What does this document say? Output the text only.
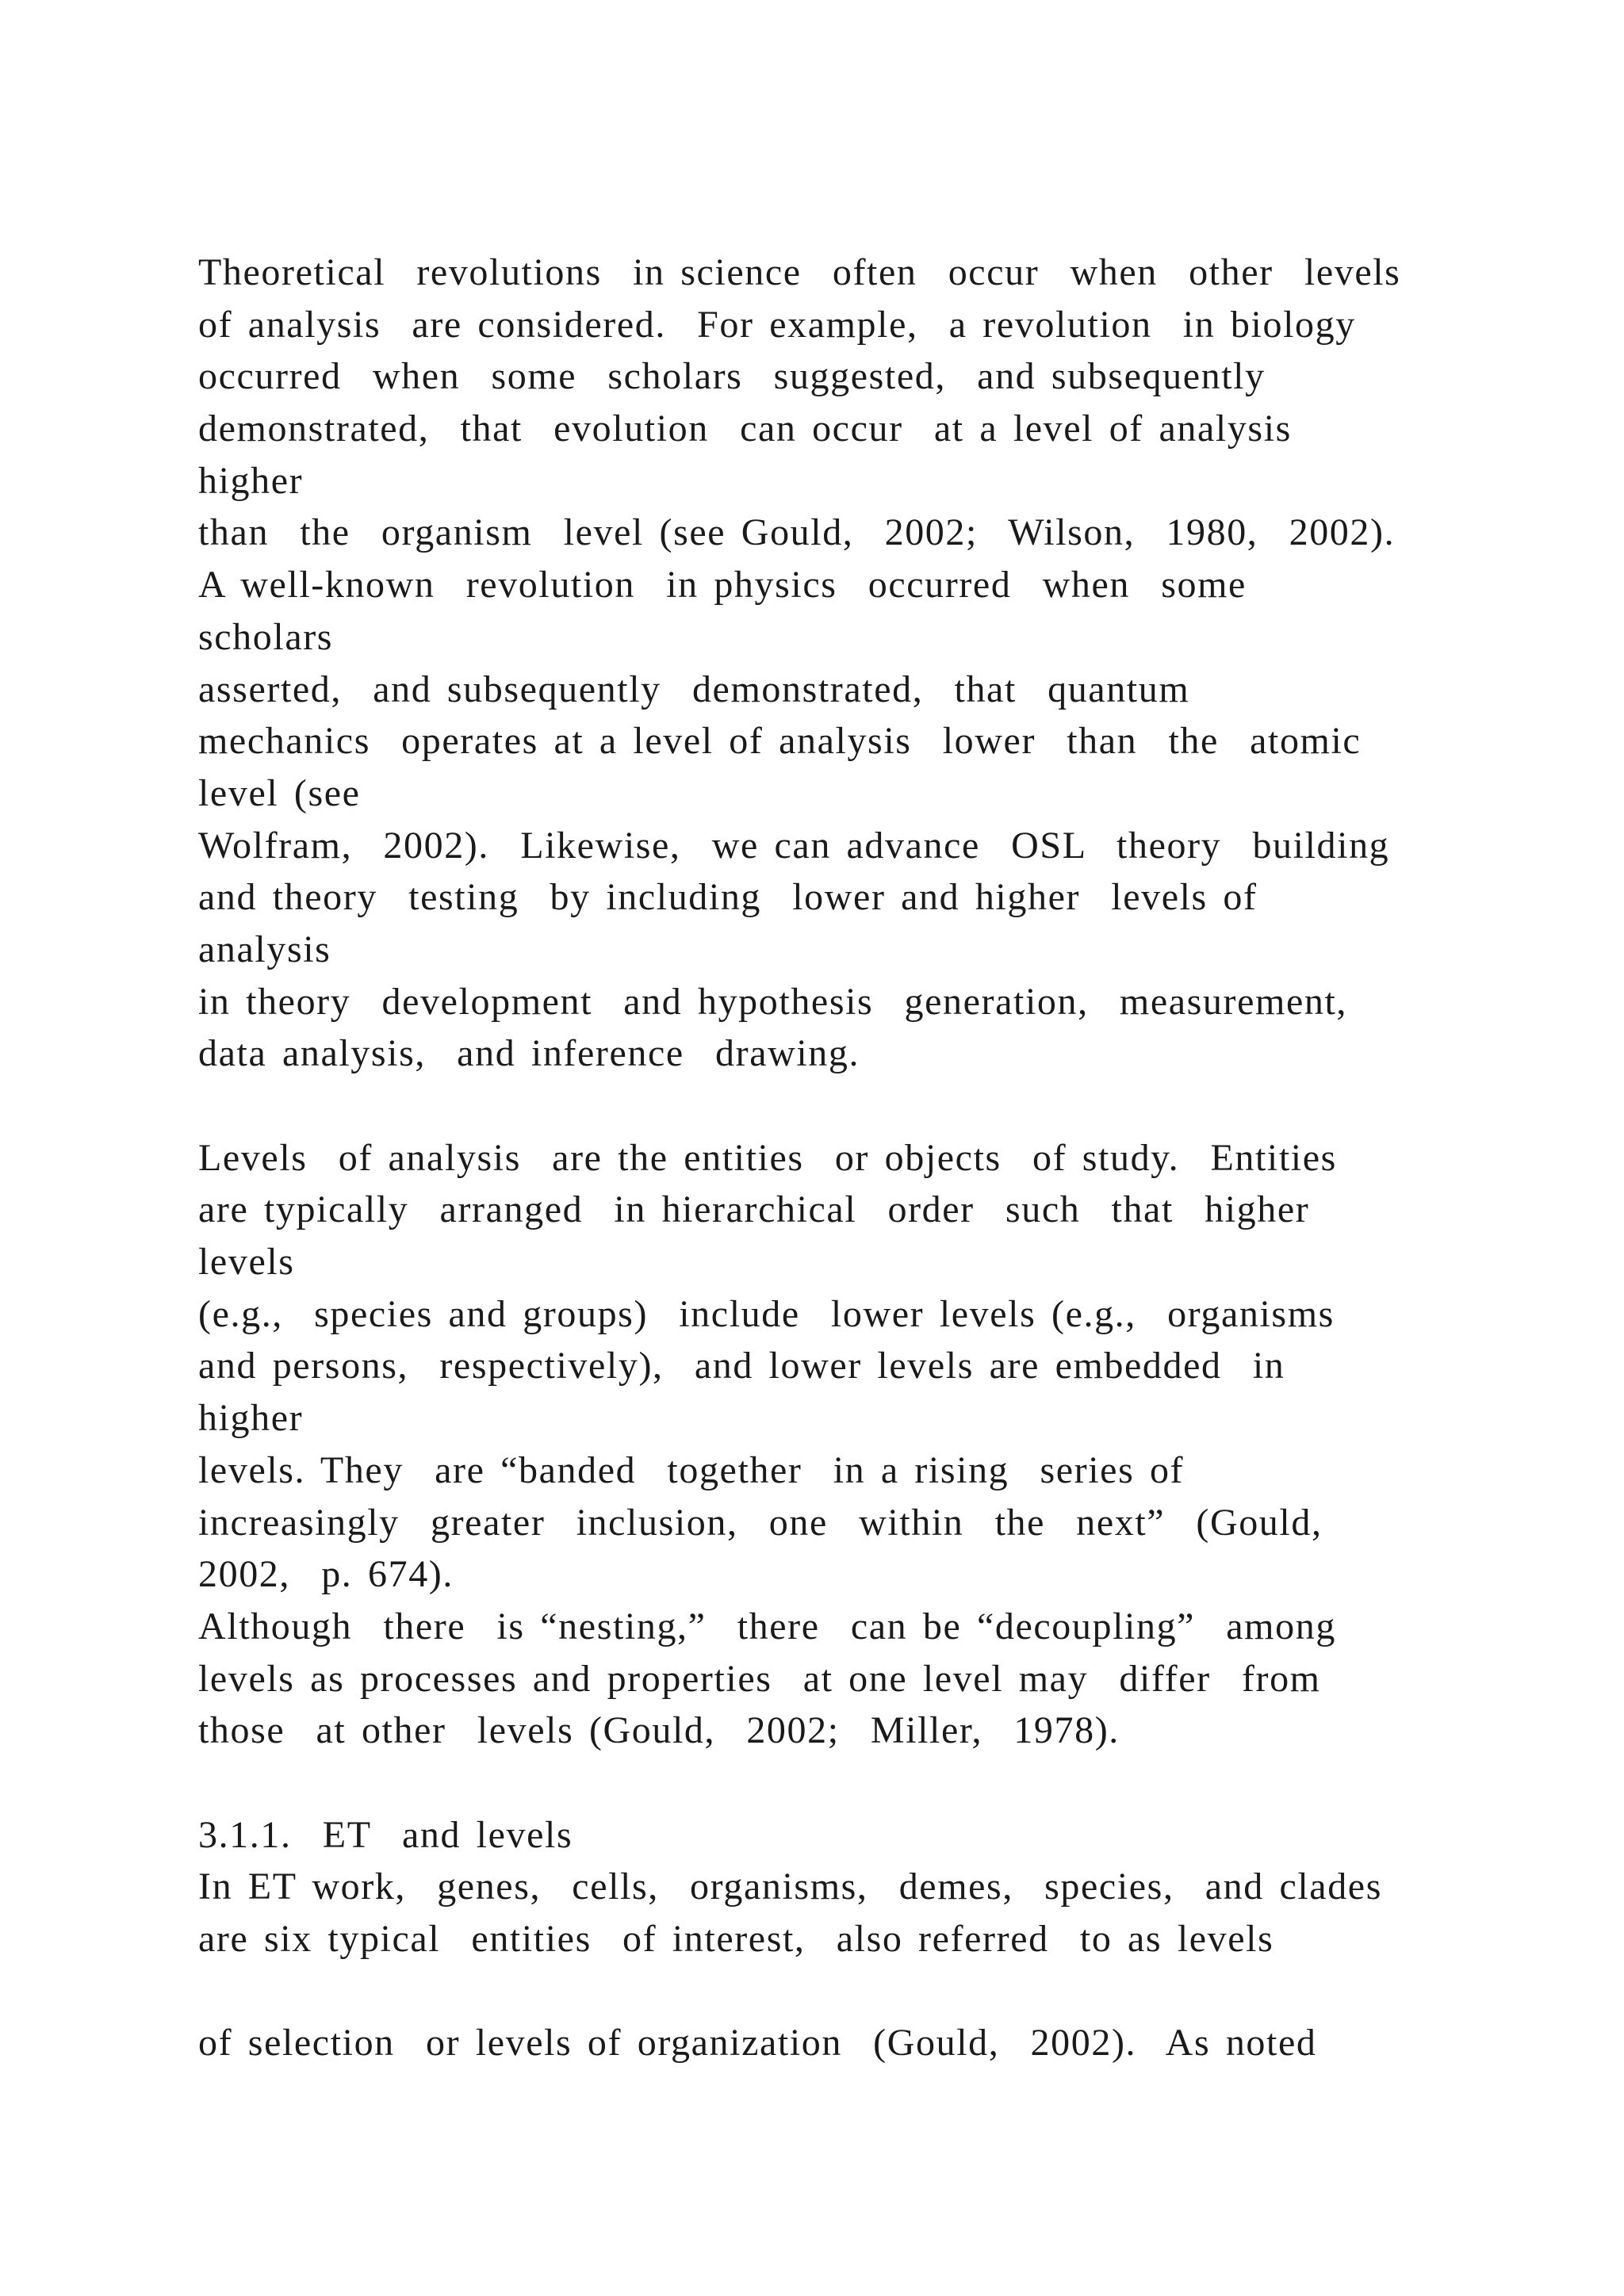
Theoretical  revolutions  in science  often  occur  when  other  levels
of analysis  are considered.  For example,  a revolution  in biology
occurred  when  some  scholars  suggested,  and subsequently
demonstrated,  that  evolution  can occur  at a level of analysis
higher
than  the  organism  level (see Gould,  2002;  Wilson,  1980,  2002).
A well-known  revolution  in physics  occurred  when  some
scholars
asserted,  and subsequently  demonstrated,  that  quantum
mechanics  operates at a level of analysis  lower  than  the  atomic
level (see
Wolfram,  2002).  Likewise,  we can advance  OSL  theory  building
and theory  testing  by including  lower and higher  levels of
analysis
in theory  development  and hypothesis  generation,  measurement,
data analysis,  and inference  drawing.
Levels  of analysis  are the entities  or objects  of study.  Entities
are typically  arranged  in hierarchical  order  such  that  higher
levels
(e.g.,  species and groups)  include  lower levels (e.g.,  organisms
and persons,  respectively),  and lower levels are embedded  in
higher
levels. They  are “banded  together  in a rising  series of
increasingly  greater  inclusion,  one  within  the  next”  (Gould,
2002,  p. 674).
Although  there  is “nesting,”  there  can be “decoupling”  among
levels as processes and properties  at one level may  differ  from
those  at other  levels (Gould,  2002;  Miller,  1978).
3.1.1.  ET  and levels
In ET work,  genes,  cells,  organisms,  demes,  species,  and clades
are six typical  entities  of interest,  also referred  to as levels
of selection  or levels of organization  (Gould,  2002).  As noted
